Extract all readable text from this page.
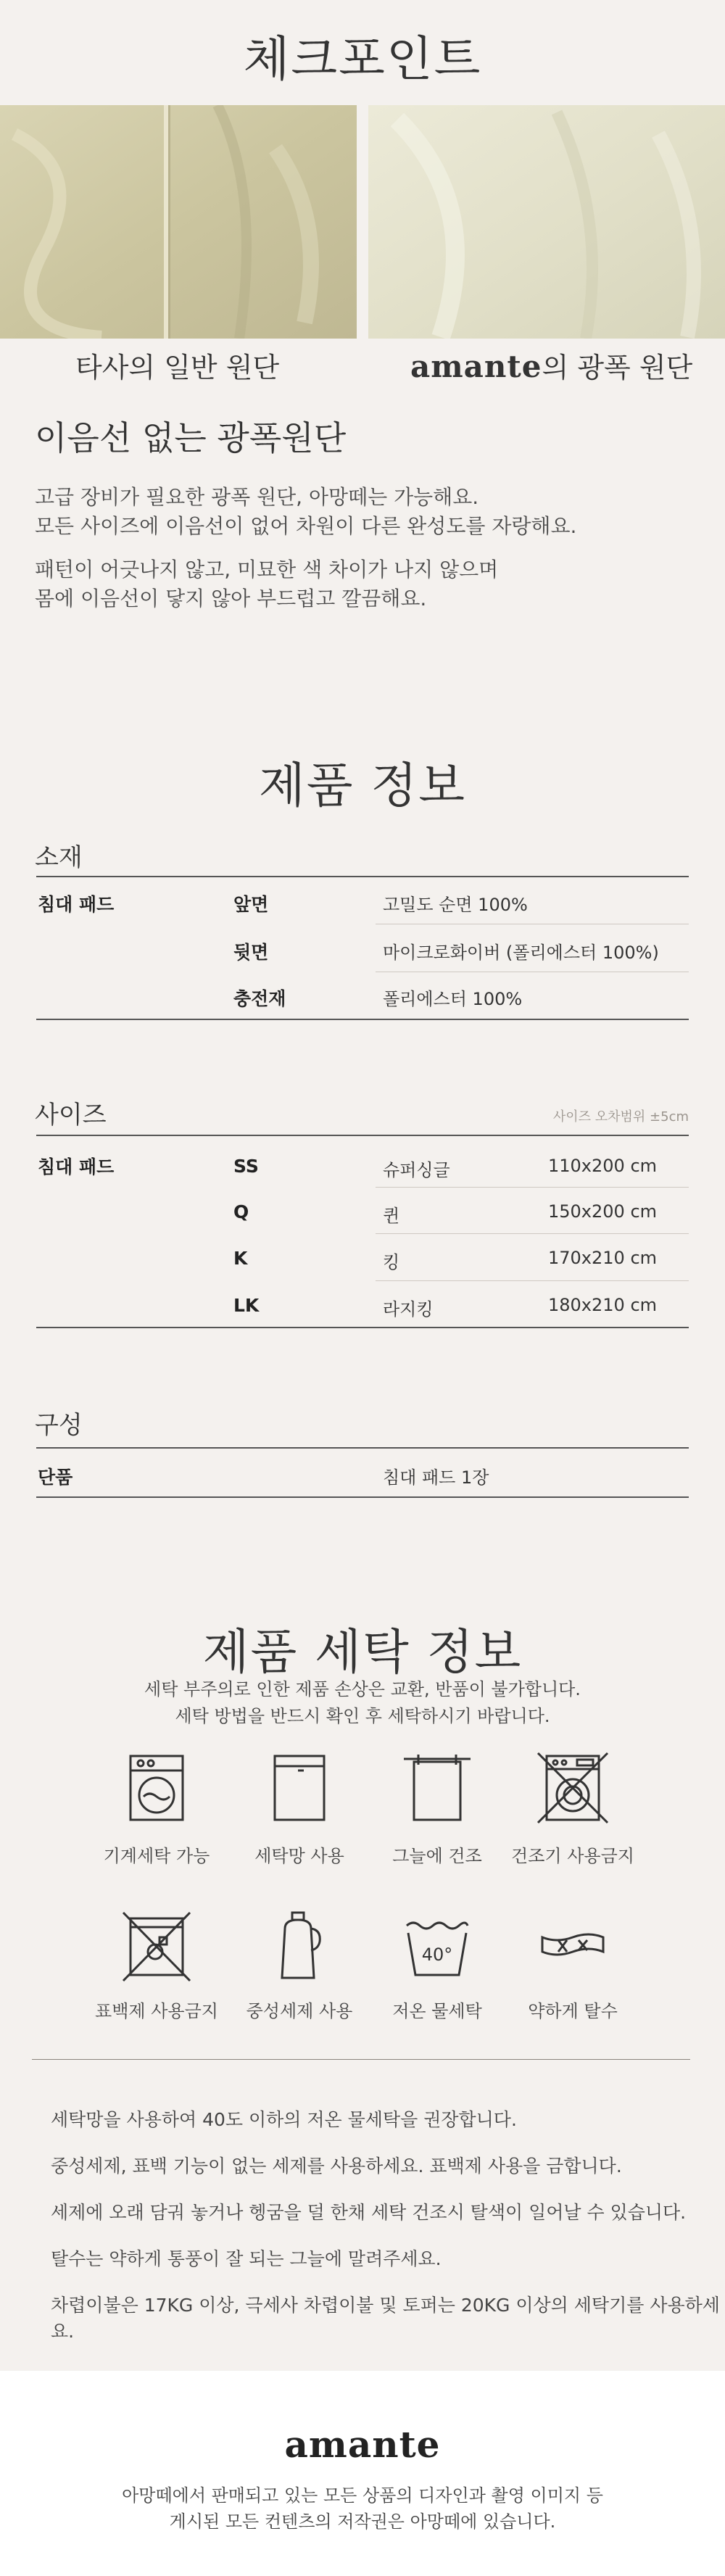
체크포인트
타사의 일반 원단	amante의 광폭 원단
이음선 없는 광폭원단
고급 장비가 필요한 광폭 원단, 아망떼는 가능해요.
모든 사이즈에 이음선이 없어 차원이 다른 완성도를 자랑해요.
패턴이 어긋나지 않고, 미묘한 색 차이가 나지 않으며
몸에 이음선이 닿지 않아 부드럽고 깔끔해요.
제품 정보
소재
침대 패드	앞면	고밀도 순면 100%
뒷면	마이크로화이버 (폴리에스터 100%)
충전재	폴리에스터 100%
사이즈	사이즈 오차범위 ±5cm
침대 패드	SS	슈퍼싱글	110x200 cm
Q	퀸	150x200 cm
K	킹	170x210 cm
LK	라지킹	180x210 cm
구성
단품	침대 패드 1장
제품 세탁 정보
세탁 부주의로 인한 제품 손상은 교환, 반품이 불가합니다.
세탁 방법을 반드시 확인 후 세탁하시기 바랍니다.
기계세탁 가능	세탁망 사용	그늘에 건조	건조기 사용금지
40°
표백제 사용금지	중성세제 사용	저온 물세탁	약하게 탈수
세탁망을 사용하여 40도 이하의 저온 물세탁을 권장합니다.
중성세제, 표백 기능이 없는 세제를 사용하세요. 표백제 사용을 금합니다.
세제에 오래 담궈 놓거나 헹굼을 덜 한채 세탁 건조시 탈색이 일어날 수 있습니다.
탈수는 약하게 통풍이 잘 되는 그늘에 말려주세요.
차렵이불은 17KG 이상, 극세사 차렵이불 및 토퍼는 20KG 이상의 세탁기를 사용하세요.
amante
아망떼에서 판매되고 있는 모든 상품의 디자인과 촬영 이미지 등
게시된 모든 컨텐츠의 저작권은 아망떼에 있습니다.
